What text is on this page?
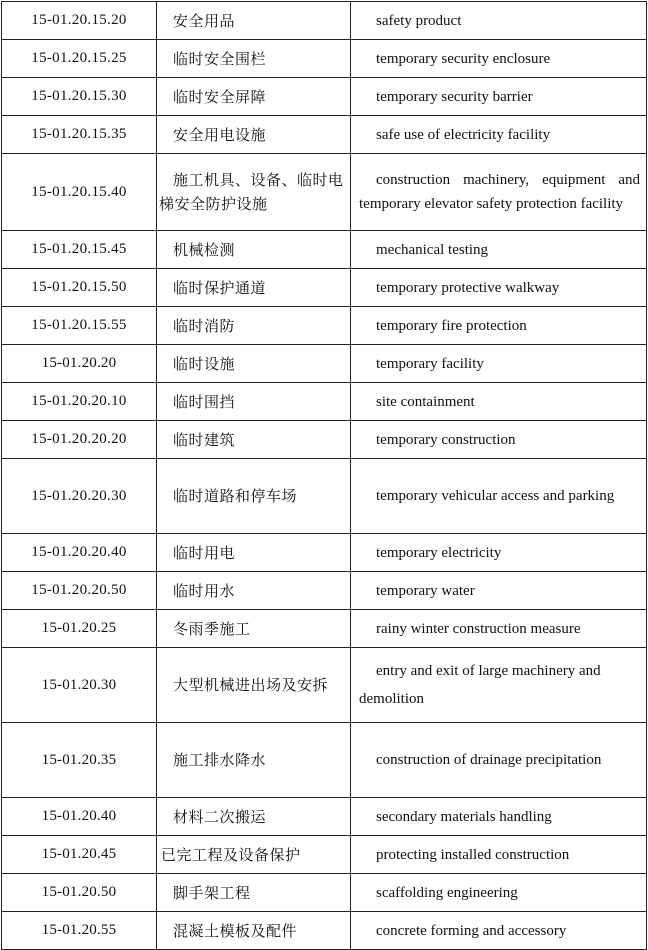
15-01.20.15.20	安全用品	safety product
15-01.20.15.25	临时安全围栏	temporary security enclosure
15-01.20.15.30	临时安全屏障	temporary security barrier
15-01.20.15.35	安全用电设施	safe use of electricity facility
15-01.20.15.40	施工机具、设备、临时电梯安全防护设施	construction machinery, equipment and temporary elevator safety protection facility
15-01.20.15.45	机械检测	mechanical testing
15-01.20.15.50	临时保护通道	temporary protective walkway
15-01.20.15.55	临时消防	temporary fire protection
15-01.20.20	临时设施	temporary facility
15-01.20.20.10	临时围挡	site containment
15-01.20.20.20	临时建筑	temporary construction
15-01.20.20.30	临时道路和停车场	temporary vehicular access and parking
15-01.20.20.40	临时用电	temporary electricity
15-01.20.20.50	临时用水	temporary water
15-01.20.25	冬雨季施工	rainy winter construction measure
15-01.20.30	大型机械进出场及安拆	entry and exit of large machinery and demolition
15-01.20.35	施工排水降水	construction of drainage precipitation
15-01.20.40	材料二次搬运	secondary materials handling
15-01.20.45	已完工程及设备保护	protecting installed construction
15-01.20.50	脚手架工程	scaffolding engineering
15-01.20.55	混凝土模板及配件	concrete forming and accessory
